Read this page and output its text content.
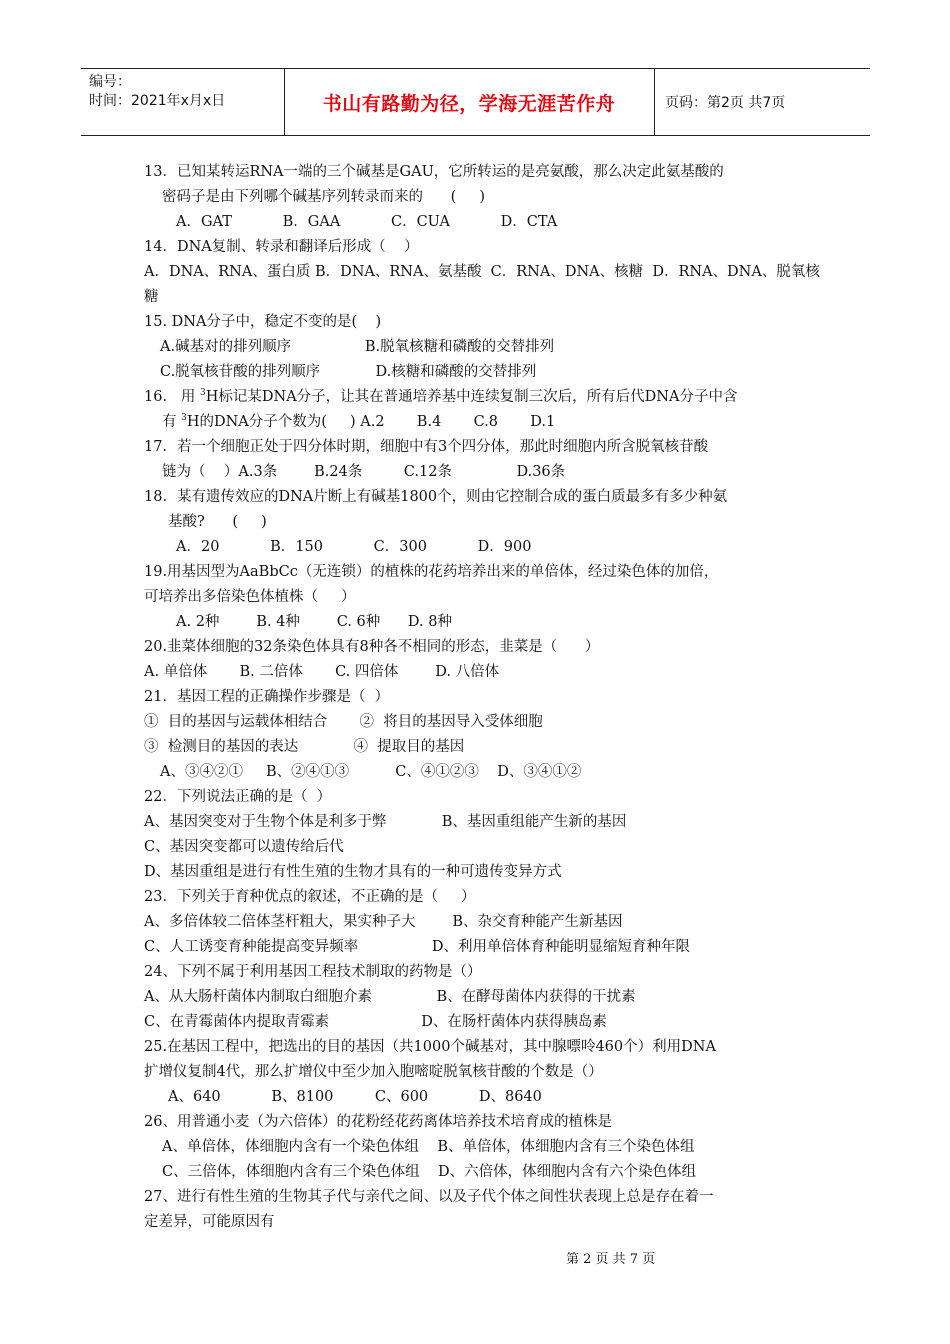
编号：
时间：2021年x月x日	书山有路勤为径，学海无涯苦作舟	页码：第2页 共7页
13．已知某转运RNA一端的三个碱基是GAU，它所转运的是亮氨酸，那么决定此氨基酸的
密码子是由下列哪个碱基序列转录而来的      (     )
A．GAT           B．GAA           C．CUA           D．CTA
14．DNA复制、转录和翻译后形成（    ）
A．DNA、RNA、蛋白质 B．DNA、RNA、氨基酸  C．RNA、DNA、核糖  D．RNA、DNA、脱氧核
糖
15. DNA分子中，稳定不变的是(    )
A.碱基对的排列顺序                B.脱氧核糖和磷酸的交替排列
C.脱氧核苷酸的排列顺序            D.核糖和磷酸的交替排列
16.   用 $^3$H标记某DNA分子，让其在普通培养基中连续复制三次后，所有后代DNA分子中含
有 $^3$H的DNA分子个数为(     ) A.2       B.4       C.8       D.1
17．若一个细胞正处于四分体时期，细胞中有3个四分体，那此时细胞内所含脱氧核苷酸
链为（    ）A.3条        B.24条         C.12条              D.36条
18．某有遗传效应的DNA片断上有碱基1800个，则由它控制合成的蛋白质最多有多少种氨
基酸?      (     )
A．20           B．150           C．300           D．900
19.用基因型为AaBbCc（无连锁）的植株的花药培养出来的单倍体，经过染色体的加倍，
可培养出多倍染色体植株（     ）
A. 2种        B. 4种        C. 6种      D. 8种
20.韭菜体细胞的32条染色体具有8种各不相同的形态，韭菜是（      ）
A. 单倍体       B. 二倍体       C. 四倍体        D. 八倍体
21．基因工程的正确操作步骤是（  ）
①  目的基因与运载体相结合       ②  将目的基因导入受体细胞
③  检测目的基因的表达            ④  提取目的基因
A、③④②①     B、②④①③          C、④①②③    D、③④①②
22．下列说法正确的是（  ）
A、基因突变对于生物个体是利多于弊            B、基因重组能产生新的基因
C、基因突变都可以遗传给后代
D、基因重组是进行有性生殖的生物才具有的一种可遗传变异方式
23．下列关于育种优点的叙述，不正确的是（     ）
A、多倍体较二倍体茎杆粗大，果实种子大        B、杂交育种能产生新基因
C、人工诱变育种能提高变异频率                D、利用单倍体育种能明显缩短育种年限
24、下列不属于利用基因工程技术制取的药物是（）
A、从大肠杆菌体内制取白细胞介素              B、在酵母菌体内获得的干扰素
C、在青霉菌体内提取青霉素                    D、在肠杆菌体内获得胰岛素
25.在基因工程中，把选出的目的基因（共1000个碱基对，其中腺嘌呤460个）利用DNA
扩增仪复制4代，那么扩增仪中至少加入胞嘧啶脱氧核苷酸的个数是（）
A、640           B、8100         C、600           D、8640
26、用普通小麦（为六倍体）的花粉经花药离体培养技术培育成的植株是
A、单倍体，体细胞内含有一个染色体组    B、单倍体，体细胞内含有三个染色体组
C、三倍体，体细胞内含有三个染色体组    D、六倍体，体细胞内含有六个染色体组
27、进行有性生殖的生物其子代与亲代之间、以及子代个体之间性状表现上总是存在着一
定差异，可能原因有
第 2 页 共 7 页
